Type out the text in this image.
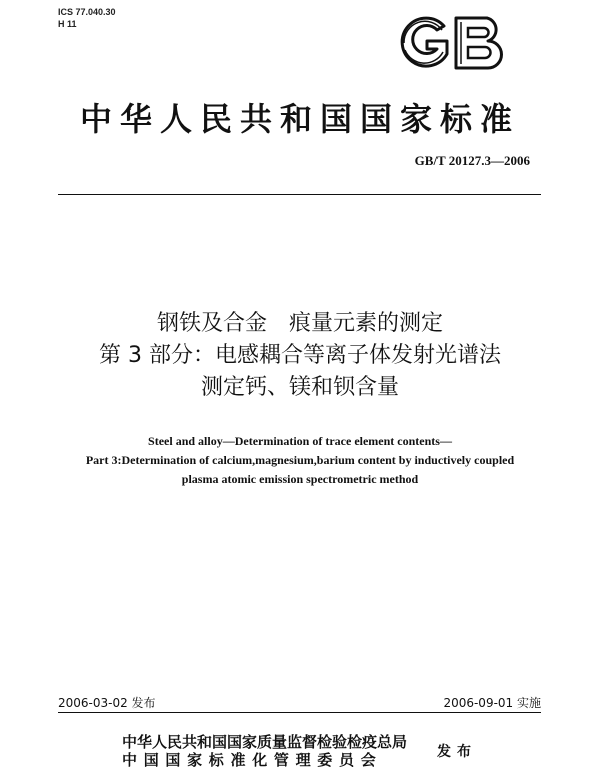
ICS 77.040.30
H 11
中华人民共和国国家标准
GB/T 20127.3—2006
钢铁及合金　痕量元素的测定
第 3 部分：电感耦合等离子体发射光谱法
测定钙、镁和钡含量
Steel and alloy—Determination of trace element contents—
Part 3:Determination of calcium,magnesium,barium content by inductively coupled
plasma atomic emission spectrometric method
2006-03-02 发布	2006-09-01 实施
中华人民共和国国家质量监督检验检疫总局
中国国家标准化管理委员会	发布
